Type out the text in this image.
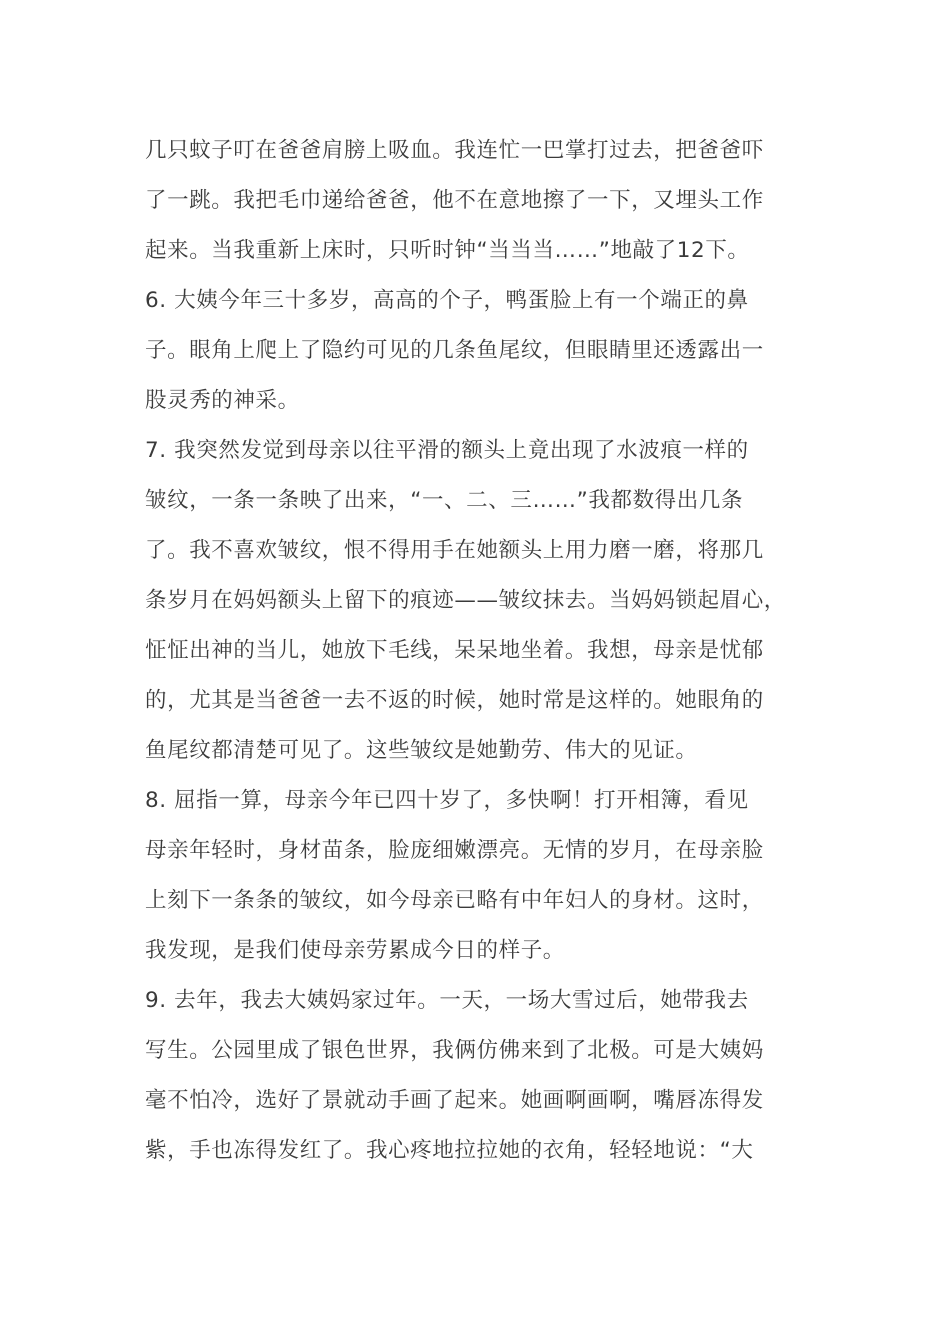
几只蚊子叮在爸爸肩膀上吸血。我连忙一巴掌打过去，把爸爸吓
了一跳。我把毛巾递给爸爸，他不在意地擦了一下，又埋头工作
起来。当我重新上床时，只听时钟“当当当……”地敲了12下。
6. 大姨今年三十多岁，高高的个子，鸭蛋脸上有一个端正的鼻
子。眼角上爬上了隐约可见的几条鱼尾纹，但眼睛里还透露出一
股灵秀的神采。
7. 我突然发觉到母亲以往平滑的额头上竟出现了水波痕一样的
皱纹，一条一条映了出来，“一、二、三……”我都数得出几条
了。我不喜欢皱纹，恨不得用手在她额头上用力磨一磨，将那几
条岁月在妈妈额头上留下的痕迹——皱纹抹去。当妈妈锁起眉心，
怔怔出神的当儿，她放下毛线，呆呆地坐着。我想，母亲是忧郁
的，尤其是当爸爸一去不返的时候，她时常是这样的。她眼角的
鱼尾纹都清楚可见了。这些皱纹是她勤劳、伟大的见证。
8. 屈指一算，母亲今年已四十岁了，多快啊！打开相簿，看见
母亲年轻时，身材苗条，脸庞细嫩漂亮。无情的岁月，在母亲脸
上刻下一条条的皱纹，如今母亲已略有中年妇人的身材。这时，
我发现，是我们使母亲劳累成今日的样子。
9. 去年，我去大姨妈家过年。一天，一场大雪过后，她带我去
写生。公园里成了银色世界，我俩仿佛来到了北极。可是大姨妈
毫不怕冷，选好了景就动手画了起来。她画啊画啊，嘴唇冻得发
紫，手也冻得发红了。我心疼地拉拉她的衣角，轻轻地说：“大
